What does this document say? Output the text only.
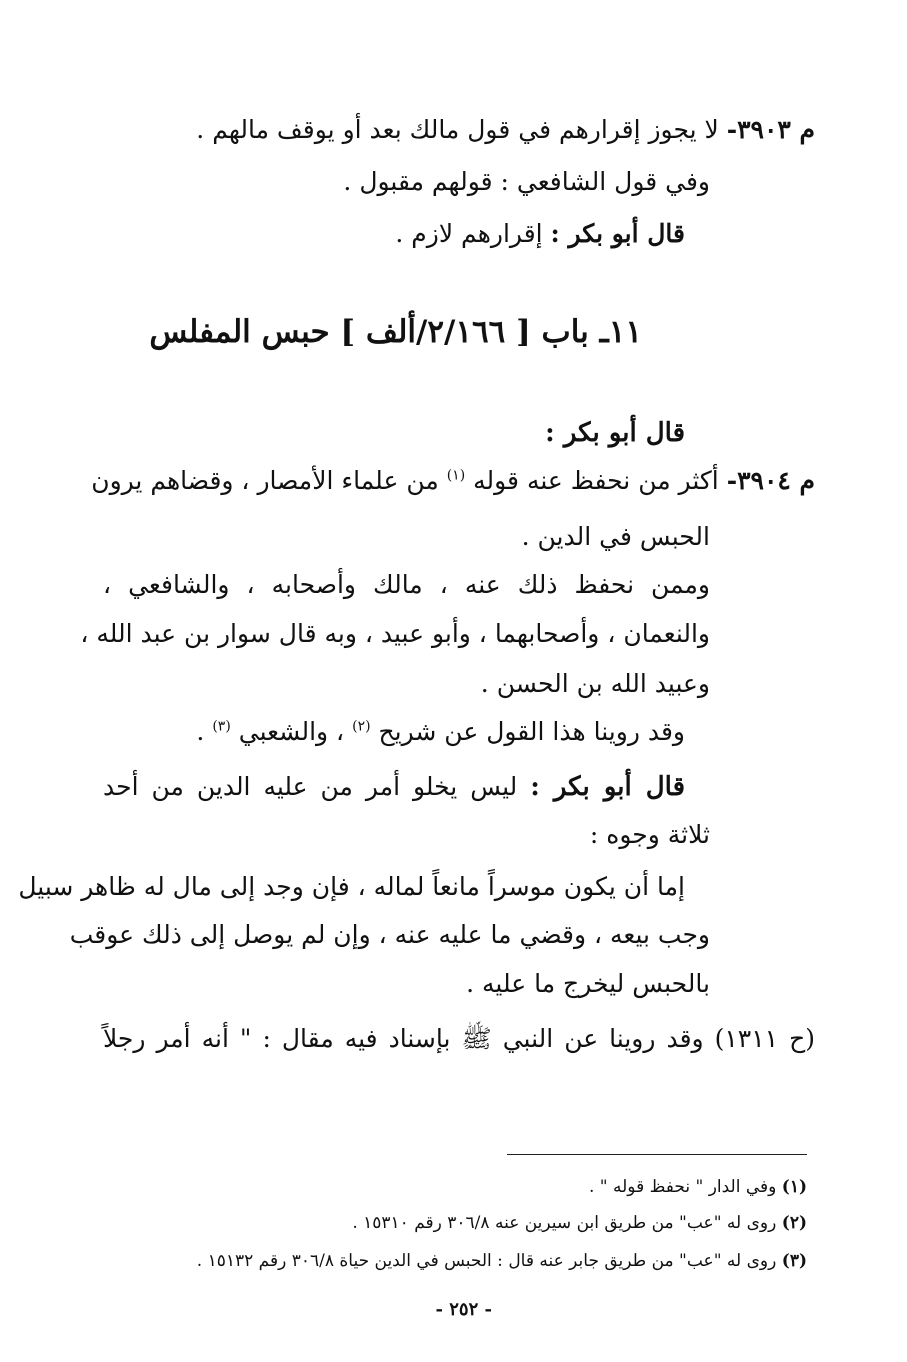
م ٣٩٠٣- لا يجوز إقرارهم في قول مالك بعد أو يوقف مالهم .
وفي قول الشافعي : قولهم مقبول .
قال أبو بكر : إقرارهم لازم .
١١ـ باب [ ٢/١٦٦/ألف ] حبس المفلس
قال أبو بكر :
م ٣٩٠٤- أكثر من نحفظ عنه قوله $^{(١)}$ من علماء الأمصار ، وقضاهم يرون
الحبس في الدين .
وممن نحفظ ذلك عنه ، مالك وأصحابه ، والشافعي ،
والنعمان ، وأصحابهما ، وأبو عبيد ، وبه قال سوار بن عبد الله ،
وعبيد الله بن الحسن .
وقد روينا هذا القول عن شريح $^{(٢)}$ ، والشعبي $^{(٣)}$ .
قال أبو بكر : ليس يخلو أمر من عليه الدين من أحد
ثلاثة وجوه :
إما أن يكون موسراً مانعاً لماله ، فإن وجد إلى مال له ظاهر سبيل
وجب بيعه ، وقضي ما عليه عنه ، وإن لم يوصل إلى ذلك عوقب
بالحبس ليخرج ما عليه .
(ح ١٣١١) وقد روينا عن النبي ﷺ بإسناد فيه مقال : " أنه أمر رجلاً
(١) وفي الدار " نحفظ قوله " .
(٢) روى له "عب" من طريق ابن سيرين عنه ٣٠٦/٨ رقم ١٥٣١٠ .
(٣) روى له "عب" من طريق جابر عنه قال : الحبس في الدين حياة ٣٠٦/٨ رقم ١٥١٣٢ .
- ٢٥٢ -
